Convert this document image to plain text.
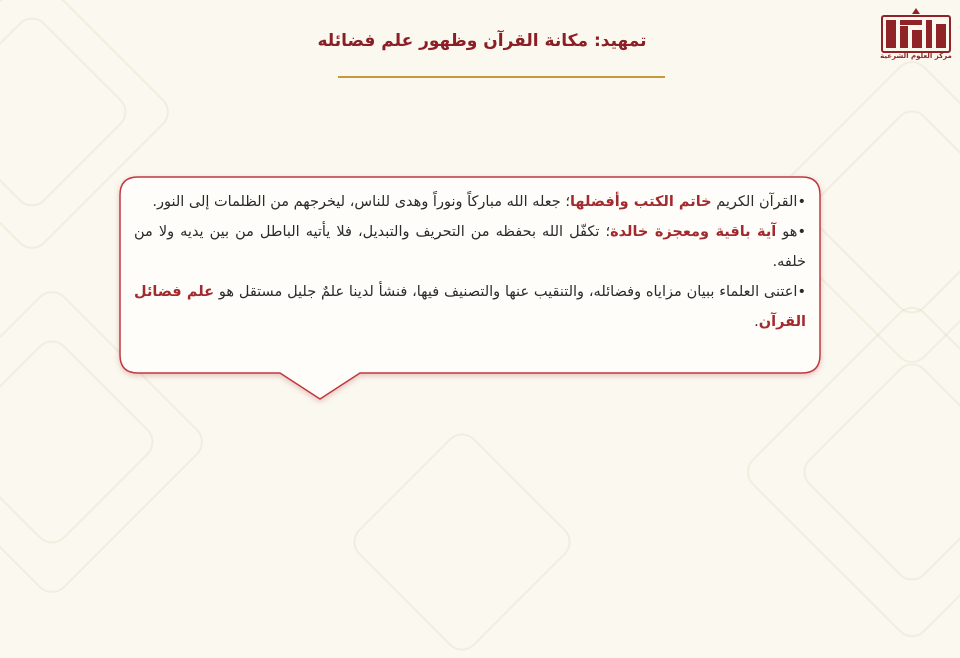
مركز العلوم الشرعية
تمهيد: مكانة القرآن وظهور علم فضائله

•القرآن الكريم خاتم الكتب وأفضلها؛ جعله الله مباركاً ونوراً وهدى للناس، ليخرجهم من الظلمات إلى النور.

•هو آية باقية ومعجزة خالدة؛ تكفّل الله بحفظه من التحريف والتبديل، فلا يأتيه الباطل من بين يديه ولا من خلفه.

•اعتنى العلماء ببيان مزاياه وفضائله، والتنقيب عنها والتصنيف فيها، فنشأ لدينا علمٌ جليل مستقل هو علم فضائل القرآن.
